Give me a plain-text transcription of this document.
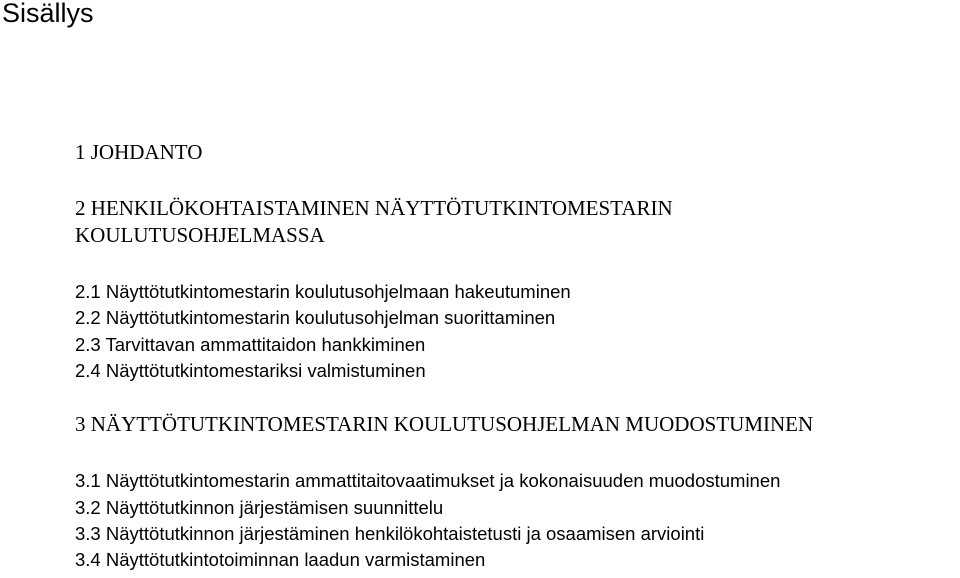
Sisällys
1 JOHDANTO
2 HENKILÖKOHTAISTAMINEN NÄYTTÖTUTKINTOMESTARIN
KOULUTUSOHJELMASSA
2.1 Näyttötutkintomestarin koulutusohjelmaan hakeutuminen
2.2 Näyttötutkintomestarin koulutusohjelman suorittaminen
2.3 Tarvittavan ammattitaidon hankkiminen
2.4 Näyttötutkintomestariksi valmistuminen
3 NÄYTTÖTUTKINTOMESTARIN KOULUTUSOHJELMAN MUODOSTUMINEN
3.1 Näyttötutkintomestarin ammattitaitovaatimukset ja kokonaisuuden muodostuminen
3.2 Näyttötutkinnon järjestämisen suunnittelu
3.3 Näyttötutkinnon järjestäminen henkilökohtaistetusti ja osaamisen arviointi
3.4 Näyttötutkintotoiminnan laadun varmistaminen
